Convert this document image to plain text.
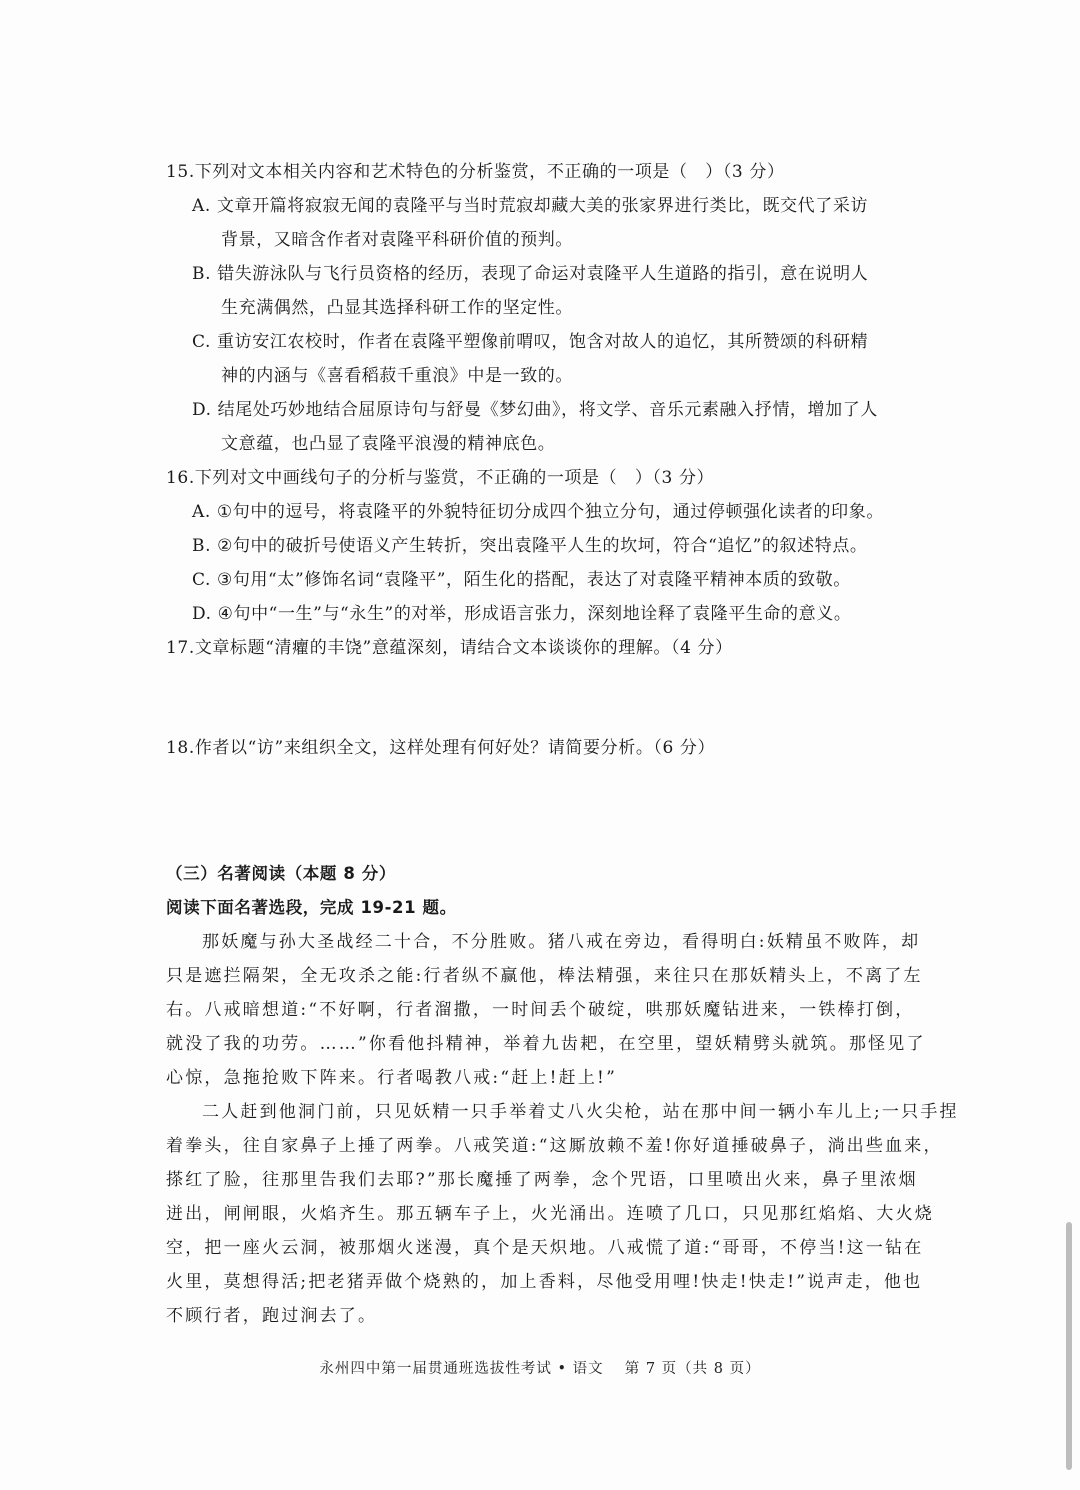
15.下列对文本相关内容和艺术特色的分析鉴赏，不正确的一项是（　）（3 分）
A. 文章开篇将寂寂无闻的袁隆平与当时荒寂却藏大美的张家界进行类比，既交代了采访
背景，又暗含作者对袁隆平科研价值的预判。
B. 错失游泳队与飞行员资格的经历，表现了命运对袁隆平人生道路的指引，意在说明人
生充满偶然，凸显其选择科研工作的坚定性。
C. 重访安江农校时，作者在袁隆平塑像前喟叹，饱含对故人的追忆，其所赞颂的科研精
神的内涵与《喜看稻菽千重浪》中是一致的。
D. 结尾处巧妙地结合屈原诗句与舒曼《梦幻曲》，将文学、音乐元素融入抒情，增加了人
文意蕴，也凸显了袁隆平浪漫的精神底色。
16.下列对文中画线句子的分析与鉴赏，不正确的一项是（　）（3 分）
A. ①句中的逗号，将袁隆平的外貌特征切分成四个独立分句，通过停顿强化读者的印象。
B. ②句中的破折号使语义产生转折，突出袁隆平人生的坎坷，符合“追忆”的叙述特点。
C. ③句用“太”修饰名词“袁隆平”，陌生化的搭配，表达了对袁隆平精神本质的致敬。
D. ④句中“一生”与“永生”的对举，形成语言张力，深刻地诠释了袁隆平生命的意义。
17.文章标题“清癯的丰饶”意蕴深刻，请结合文本谈谈你的理解。（4 分）
18.作者以“访”来组织全文，这样处理有何好处？请简要分析。（6 分）
（三）名著阅读（本题 8 分）
阅读下面名著选段，完成 19-21 题。
那妖魔与孙大圣战经二十合，不分胜败。猪八戒在旁边，看得明白:妖精虽不败阵，却
只是遮拦隔架，全无攻杀之能:行者纵不赢他，棒法精强，来往只在那妖精头上，不离了左
右。八戒暗想道:“不好啊，行者溜撒，一时间丢个破绽，哄那妖魔钻进来，一铁棒打倒，
就没了我的功劳。……”你看他抖精神，举着九齿耙，在空里，望妖精劈头就筑。那怪见了
心惊，急拖抢败下阵来。行者喝教八戒:“赶上!赶上!”
二人赶到他洞门前，只见妖精一只手举着丈八火尖枪，站在那中间一辆小车儿上;一只手捏
着拳头，往自家鼻子上捶了两拳。八戒笑道:“这厮放赖不羞!你好道捶破鼻子，淌出些血来，
搽红了脸，往那里告我们去耶?”那长魔捶了两拳，念个咒语，口里喷出火来，鼻子里浓烟
迸出，闸闸眼，火焰齐生。那五辆车子上，火光涌出。连喷了几口，只见那红焰焰、大火烧
空，把一座火云洞，被那烟火迷漫，真个是天炽地。八戒慌了道:“哥哥，不停当!这一钻在
火里，莫想得活;把老猪弄做个烧熟的，加上香料，尽他受用哩!快走!快走!”说声走，他也
不顾行者，跑过涧去了。
永州四中第一届贯通班选拔性考试 • 语文　 第 7 页（共 8 页）
